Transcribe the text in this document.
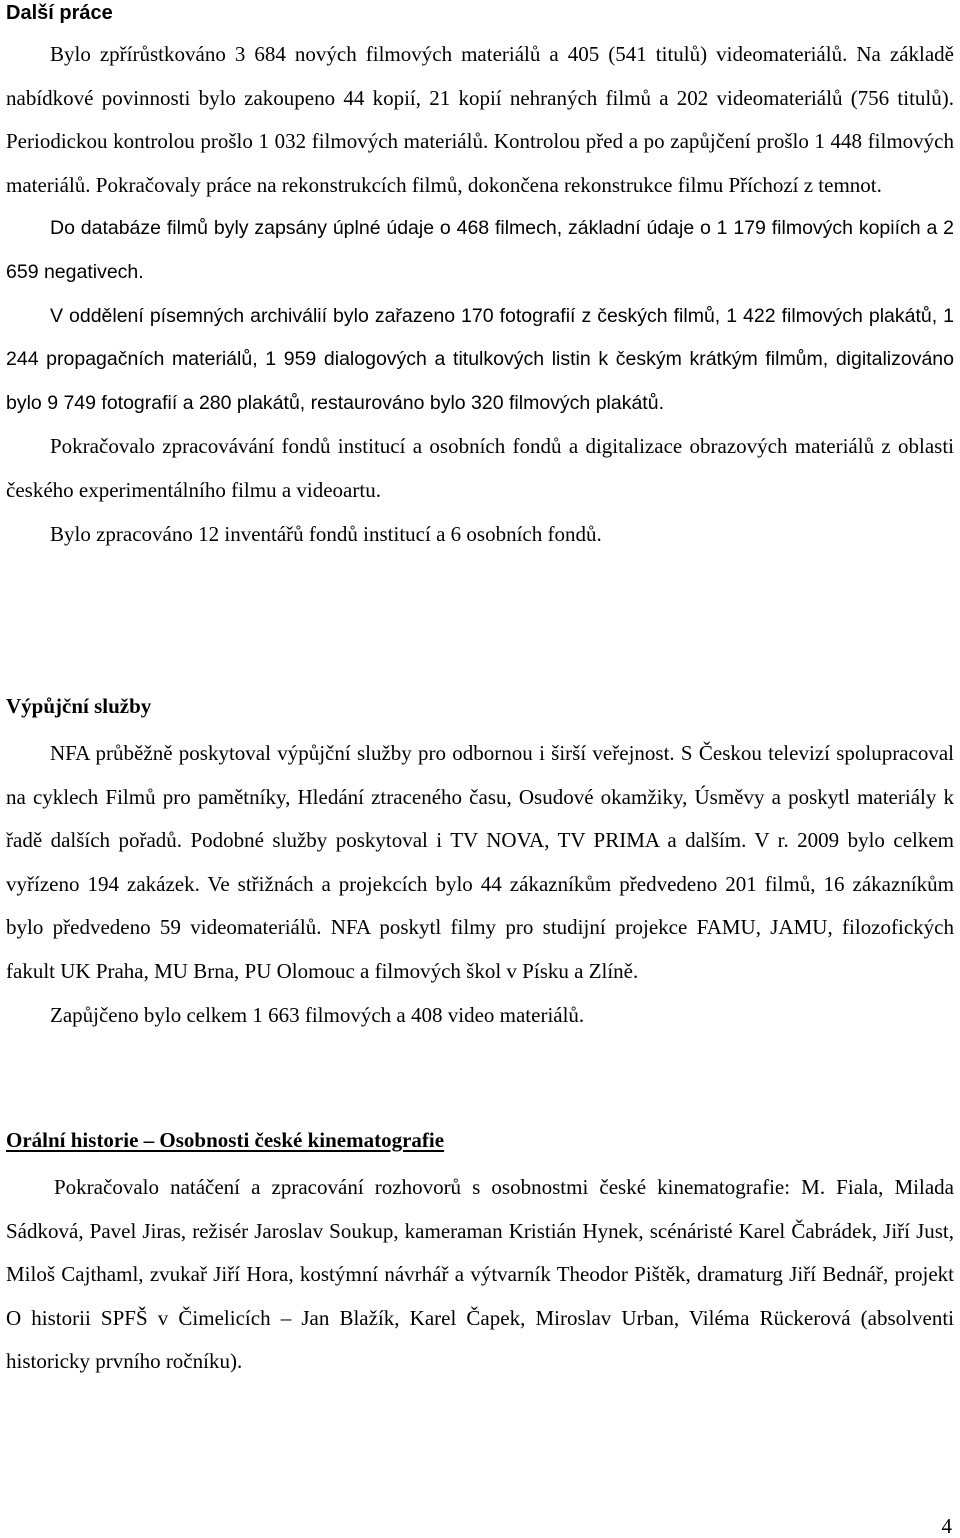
Další práce

Bylo zpřírůstkováno 3 684 nových filmových materiálů a 405 (541 titulů) videomateriálů. Na základě nabídkové povinnosti bylo zakoupeno 44 kopií, 21 kopií nehraných filmů a 202 videomateriálů (756 titulů). Periodickou kontrolou prošlo 1 032 filmových materiálů. Kontrolou před a po zapůjčení prošlo 1 448 filmových materiálů. Pokračovaly práce na rekonstrukcích filmů, dokončena rekonstrukce filmu Příchozí z temnot.

Do databáze filmů byly zapsány úplné údaje o 468 filmech, základní údaje o 1 179 filmových kopiích a 2 659 negativech.

V oddělení písemných archiválií bylo zařazeno 170 fotografií z českých filmů, 1 422 filmových plakátů, 1 244 propagačních materiálů, 1 959 dialogových a titulkových listin k českým krátkým filmům, digitalizováno bylo 9 749 fotografií a 280 plakátů, restaurováno bylo 320 filmových plakátů.

Pokračovalo zpracovávání fondů institucí a osobních fondů a digitalizace obrazových materiálů z oblasti českého experimentálního filmu a videoartu.

Bylo zpracováno 12 inventářů fondů institucí a 6 osobních fondů.

Výpůjční služby

NFA průběžně poskytoval výpůjční služby pro odbornou i širší veřejnost. S Českou televizí spolupracoval na cyklech Filmů pro pamětníky, Hledání ztraceného času, Osudové okamžiky, Úsměvy a poskytl materiály k řadě dalších pořadů. Podobné služby poskytoval i TV NOVA, TV PRIMA a dalším. V r. 2009 bylo celkem vyřízeno 194 zakázek. Ve střižnách a projekcích bylo 44 zákazníkům předvedeno 201 filmů, 16 zákazníkům bylo předvedeno 59 videomateriálů. NFA poskytl filmy pro studijní projekce FAMU, JAMU, filozofických fakult UK Praha, MU Brna, PU Olomouc a filmových škol v Písku a Zlíně.

Zapůjčeno bylo celkem 1 663 filmových a 408 video materiálů.

Orální historie – Osobnosti české kinematografie

Pokračovalo natáčení a zpracování rozhovorů s osobnostmi české kinematografie: M. Fiala, Milada Sádková, Pavel Jiras, režisér Jaroslav Soukup, kameraman Kristián Hynek, scénáristé Karel Čabrádek, Jiří Just, Miloš Cajthaml, zvukař Jiří Hora, kostýmní návrhář a výtvarník Theodor Pištěk, dramaturg Jiří Bednář, projekt O historii SPFŠ v Čimelicích – Jan Blažík, Karel Čapek, Miroslav Urban, Viléma Rückerová (absolventi historicky prvního ročníku).

4
